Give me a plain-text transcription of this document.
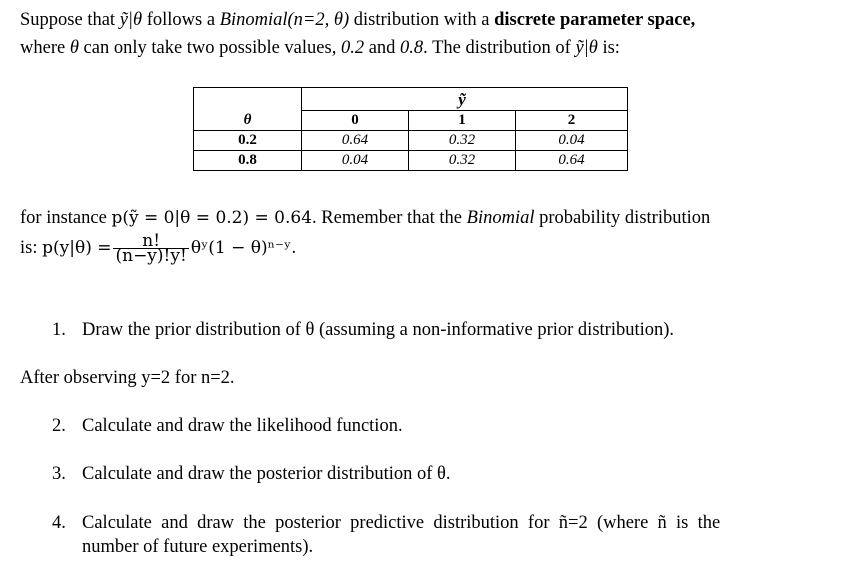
Suppose that ỹ|θ follows a Binomial(n=2, θ) distribution with a discrete parameter space,
where θ can only take two possible values, 0.2 and 0.8. The distribution of ỹ|θ is:
		ỹ	
θ	0	1	2
0.2	0.64	0.32	0.04
0.8	0.04	0.32	0.64
for instance p(ỹ = 0|θ = 0.2) = 0.64. Remember that the Binomial probability distribution
is: $p(y|\theta) = \frac{n!}{(n-y)!y!}$ θʸ(1 − θ)ⁿ⁻ʸ.
1. Draw the prior distribution of θ (assuming a non-informative prior distribution).
After observing y=2 for n=2.
2. Calculate and draw the likelihood function.
3. Calculate and draw the posterior distribution of θ.
4. Calculate  and  draw  the  posterior  predictive  distribution  for  ñ=2  (where  ñ  is  the
number of future experiments).
